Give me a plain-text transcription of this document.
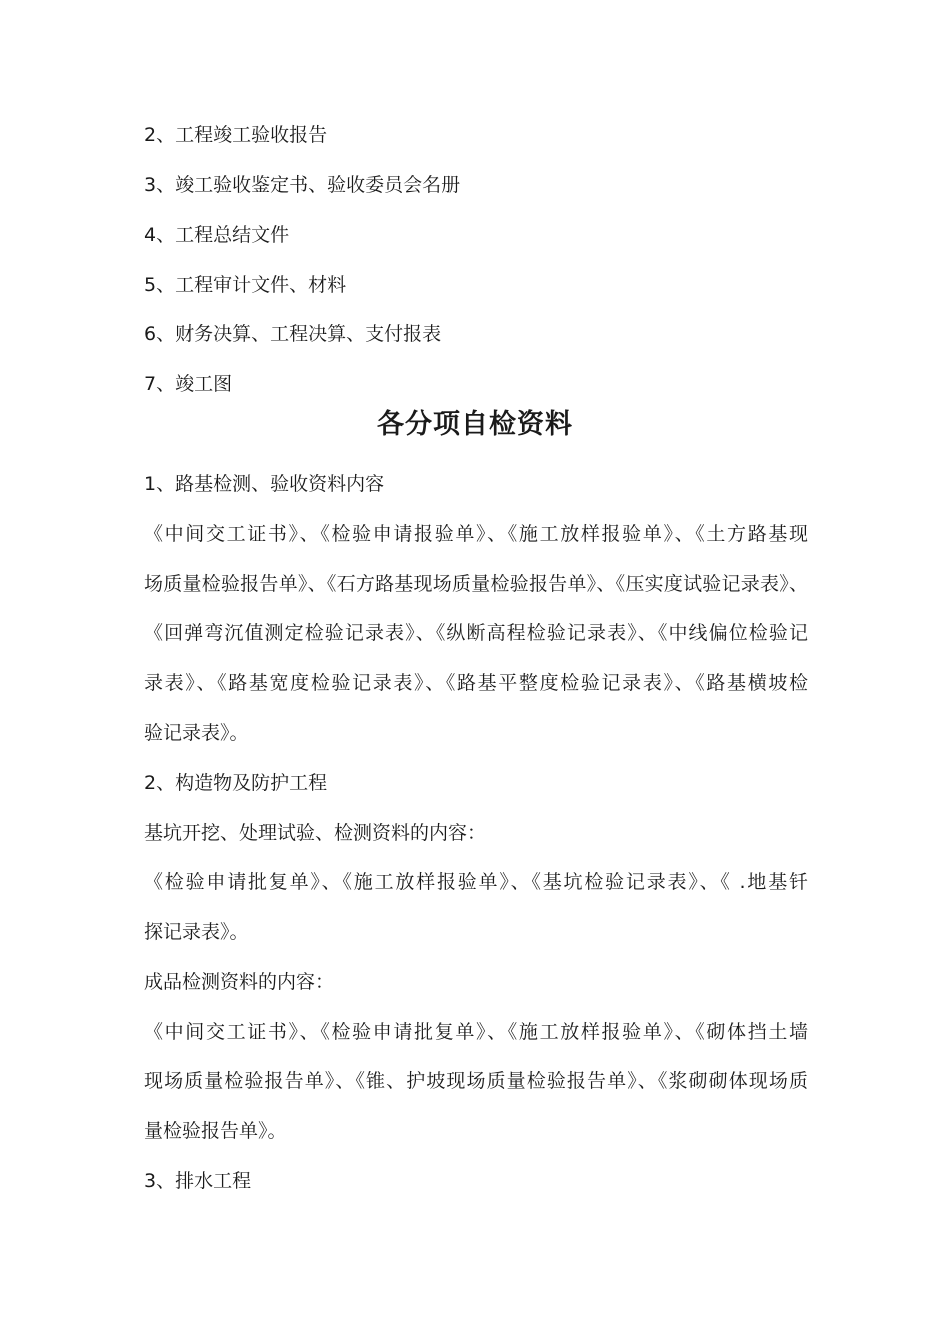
2、工程竣工验收报告
3、竣工验收鉴定书、验收委员会名册
4、工程总结文件
5、工程审计文件、材料
6、财务决算、工程决算、支付报表
7、竣工图
各分项自检资料
1、路基检测、验收资料内容
《中间交工证书》、《检验申请报验单》、《施工放样报验单》、《土方路基现
场质量检验报告单》、《石方路基现场质量检验报告单》、《压实度试验记录表》、
《回弹弯沉值测定检验记录表》、《纵断高程检验记录表》、《中线偏位检验记
录表》、《路基宽度检验记录表》、《路基平整度检验记录表》、《路基横坡检
验记录表》。
2、构造物及防护工程
基坑开挖、处理试验、检测资料的内容：
《检验申请批复单》、《施工放样报验单》、《基坑检验记录表》、《 .地基钎
探记录表》。
成品检测资料的内容：
《中间交工证书》、《检验申请批复单》、《施工放样报验单》、《砌体挡土墙
现场质量检验报告单》、《锥、护坡现场质量检验报告单》、《浆砌砌体现场质
量检验报告单》。
3、排水工程
